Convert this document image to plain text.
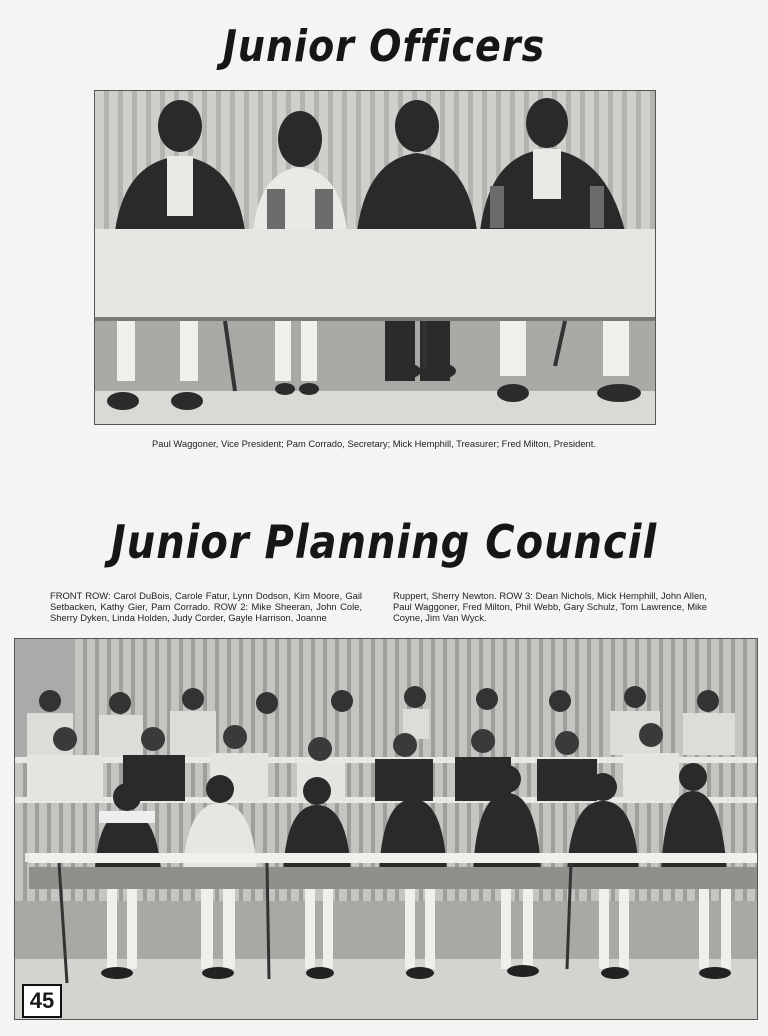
Junior Officers
Paul Waggoner, Vice President; Pam Corrado, Secretary; Mick Hemphill, Treasurer; Fred Milton, President.
Junior Planning Council
FRONT ROW: Carol DuBois, Carole Fatur, Lynn Dodson, Kim Moore, Gail Setbacken, Kathy Gier, Pam Corrado. ROW 2: Mike Sheeran, John Cole, Sherry Dyken, Linda Holden, Judy Corder, Gayle Harrison, Joanne
Ruppert, Sherry Newton. ROW 3: Dean Nichols, Mick Hemphill, John Allen, Paul Waggoner, Fred Milton, Phil Webb, Gary Schulz, Tom Lawrence, Mike Coyne, Jim Van Wyck.
45
